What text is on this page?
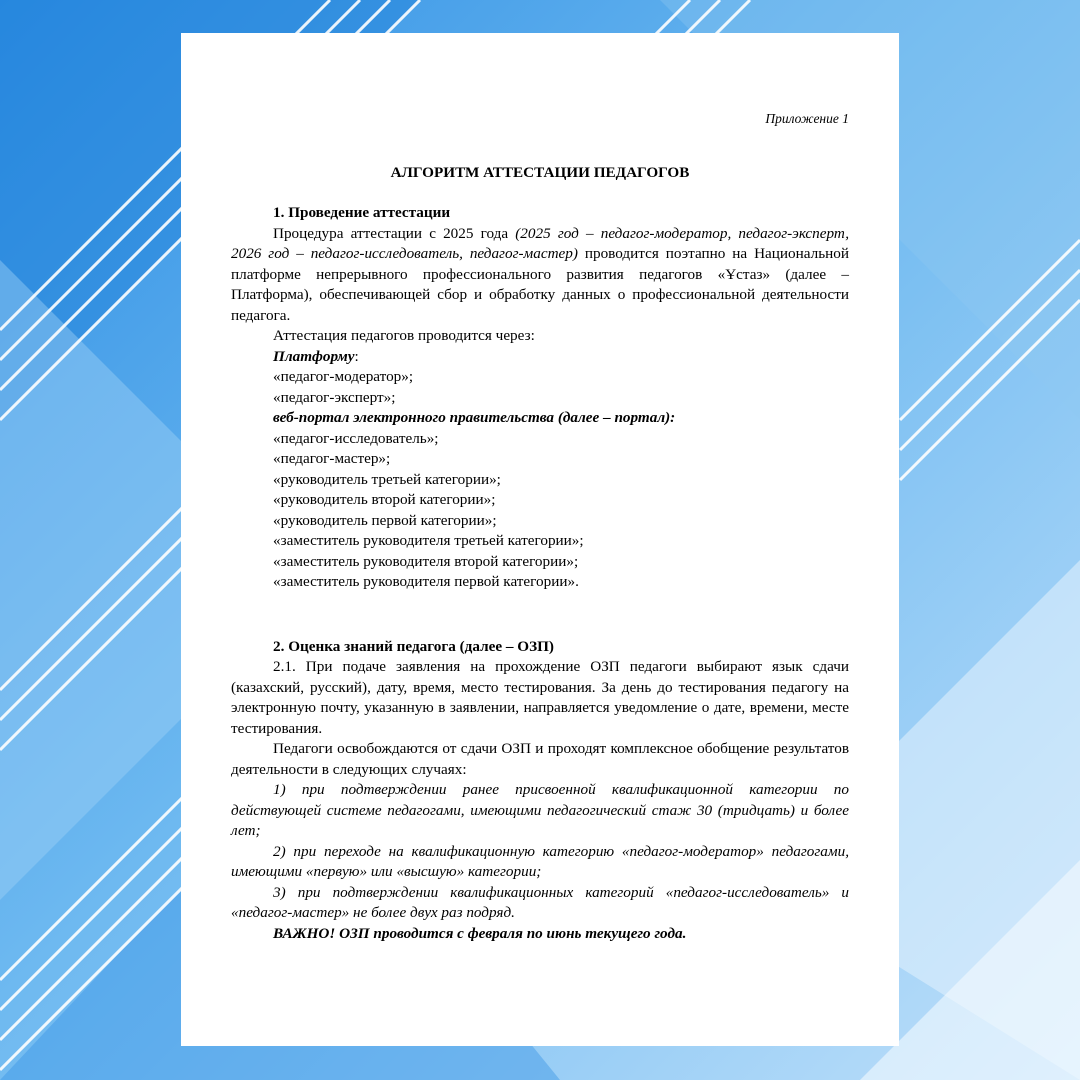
Приложение 1

АЛГОРИТМ АТТЕСТАЦИИ ПЕДАГОГОВ

1. Проведение аттестации

Процедура аттестации с 2025 года (2025 год – педагог-модератор, педагог-эксперт, 2026 год – педагог-исследователь, педагог-мастер) проводится поэтапно на Национальной платформе непрерывного профессионального развития педагогов «Ұстаз» (далее – Платформа), обеспечивающей сбор и обработку данных о профессиональной деятельности педагога.

Аттестация педагогов проводится через:

Платформу:

«педагог-модератор»;

«педагог-эксперт»;

веб-портал электронного правительства (далее – портал):

«педагог-исследователь»;

«педагог-мастер»;

«руководитель третьей категории»;

«руководитель второй категории»;

«руководитель первой категории»;

«заместитель руководителя третьей категории»;

«заместитель руководителя второй категории»;

«заместитель руководителя первой категории».

2. Оценка знаний педагога (далее – ОЗП)

2.1. При подаче заявления на прохождение ОЗП педагоги выбирают язык сдачи (казахский, русский), дату, время, место тестирования. За день до тестирования педагогу на электронную почту, указанную в заявлении, направляется уведомление о дате, времени, месте тестирования.

Педагоги освобождаются от сдачи ОЗП и проходят комплексное обобщение результатов деятельности в следующих случаях:

1) при подтверждении ранее присвоенной квалификационной категории по действующей системе педагогами, имеющими педагогический стаж 30 (тридцать) и более лет;

2) при переходе на квалификационную категорию «педагог-модератор» педагогами, имеющими «первую» или «высшую» категории;

3) при подтверждении квалификационных категорий «педагог-исследователь» и «педагог-мастер» не более двух раз подряд.

ВАЖНО! ОЗП проводится с февраля по июнь текущего года.
